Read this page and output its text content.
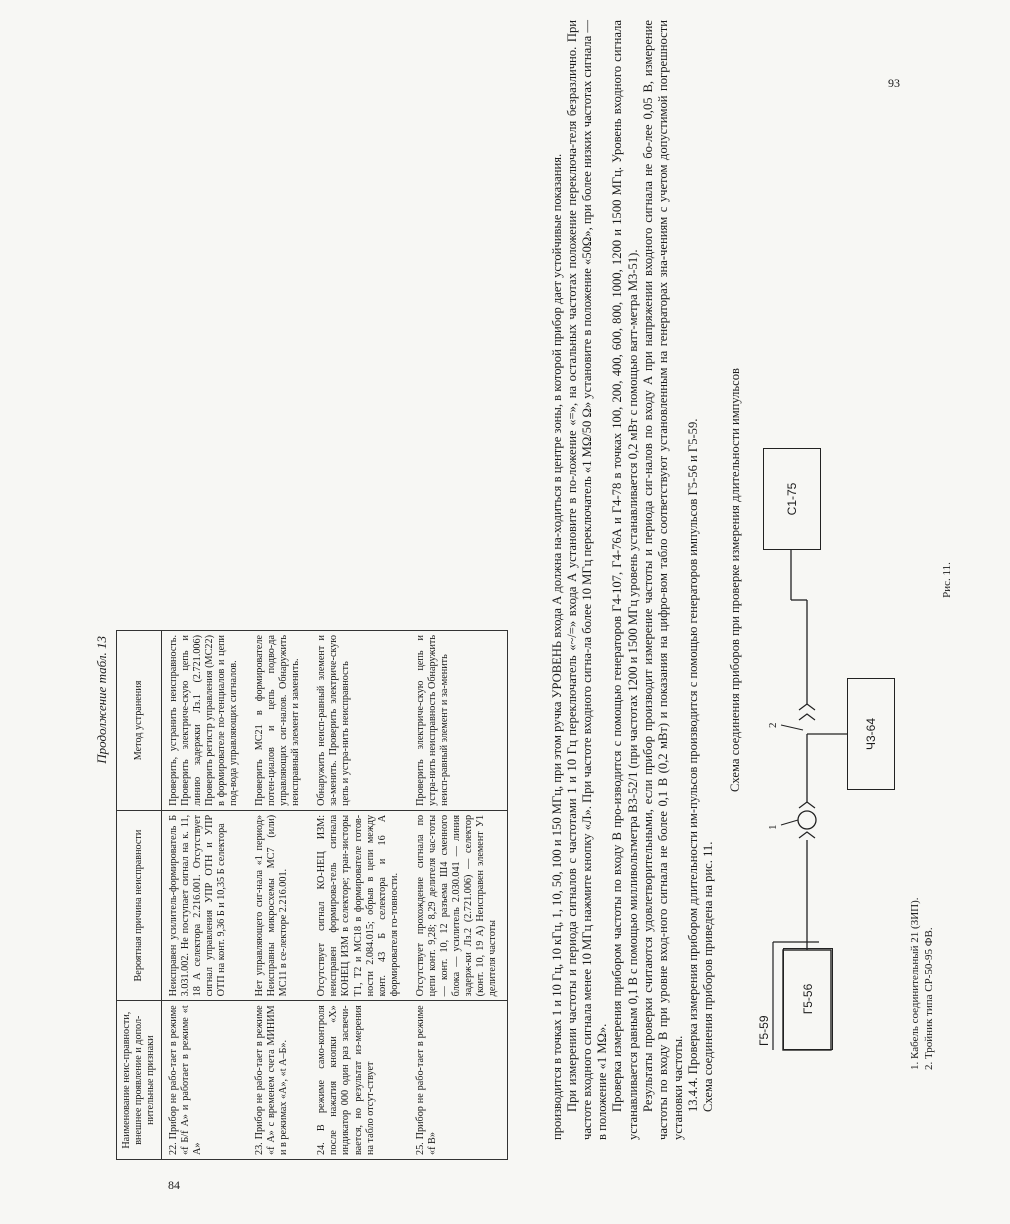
Продолжение табл. 13
Наименование неис-правности, внешнее проявление и допол-нительные признаки	Вероятная причина неисправности	Метод устранения
22. Прибор не рабо-тает в режиме «f Б/f А» и работает в режиме «t А»	Неисправен усилитель-формирователь Б 3.031.002. Не поступает сигнал на к. 11, 18 А селектора 2.216.001. Отсутствует сигнал управления УПР ОТН и УПР ОТП на конт. 9,36 Б и 10,35 Б селектора	Проверить, устранить неисправность. Проверить электриче-скую цепь и линию задержки Лз.1 (2.721.006) Проверить регистр управления (МС22) в формирователе по-тенциалов и цепи под-вода управляющих сигналов.
23. Прибор не рабо-тает в режиме «f А» с временем счета МИНИМ и в режимах «А», «t А–Б».	Нет управляющего сиг-нала «1 период» Неисправны микросхемы МС7 (или) МС11 в се-лекторе 2.216.001.	Проверить МС21 в формирователе потен-циалов и цепь подво-да управляющих сиг-налов. Обнаружить неисправный элемент и заменить.
24. В режиме само-контроля после нажатия кнопки «X» индикатор 000 один раз засвечи-вается, но результат из-мерения на табло отсут-ствует	Отсутствует сигнал КО-НЕЦ ИЗМ: неисправен формирова-тель сигнала КОНЕЦ ИЗМ в селекторе; тран-зисторы Т1, Т2 и МС18 в формирователе готов-ности 2.084.015; обрыв в цепи между конт. 43 Б селектора и 16 А формирователя го-товности.	Обнаружить неисп-равный элемент и за-менить. Проверить электриче-скую цепь и устра-нить неисправность
25. Прибор не рабо-тает в режиме «f В»	Отсутствует прохождение сигнала по цепи конт. 9,28; 8,29 делителя час-тоты — конт. 10, 12 разъема Ш4 сменного блока — усилитель 2.030.041 — линия задерж-ки Лз.2 (2.721.006) — селектор (конт. 10, 19 А) Неисправен элемент У1 делителя частоты	Проверить электриче-скую цепь и устра-нить неисправность Обнаружить неисп-равный элемент и за-менить
84

производится в точках 1 и 10 Гц, 10 кГц, 1, 10, 50, 100 и 150 МГц, при этом ручка УРОВЕНЬ входа А должна на-ходиться в центре зоны, в которой прибор дает устойчивые показания. При измерении частоты и периода сигналов с частотами 1 и 10 Гц переключатель «~/=» входа А установите в по-ложение «=», на остальных частотах положение переключа-теля безразлично. При частоте входного сигнала менее 10 МГц нажмите кнопку «Л». При частоте входного сигна-ла более 10 МГц переключатель «1 МΩ/50 Ω» установите в положение «50Ω», при более низких частотах сигнала — в положение «1 МΩ». Проверка измерения прибором частоты по входу В про-изводится с помощью генераторов Г4-107, Г4-76А и Г4-78 в точках 100, 200, 400, 600, 800, 1000, 1200 и 1500 МГц. Уровень входного сигнала устанавливается равным 0,1 В с помощью милливольтметра В3-52/1 (при частотах 1200 и 1500 МГц уровень устанавливается 0,2 мВт с помощью ватт-метра М3-51). Результаты проверки считаются удовлетворительными, если прибор производит измерение частоты и периода сиг-налов по входу А при напряжении входного сигнала не бо-лее 0,05 В, измерение частоты по входу В при уровне вход-ного сигнала не более 0,1 В (0,2 мВт) и показания на цифро-вом табло соответствуют установленным на генераторах зна-чениям с учетом допустимой погрешности установки частоты. 13.4.4. Проверка измерения прибором длительности им-пульсов производится с помощью генераторов импульсов Г5-56 и Г5-59. Схема соединения приборов приведена на рис. 11.

Схема соединения приборов при проверке измерения длительности импульсов
Г5-56
Г5-59
Ч3-64
С1-75
1
2
1. Кабель соединительный 21 (ЗИП). 2. Тройник типа СР-50-95 ФВ.
Рис. 11.
93
